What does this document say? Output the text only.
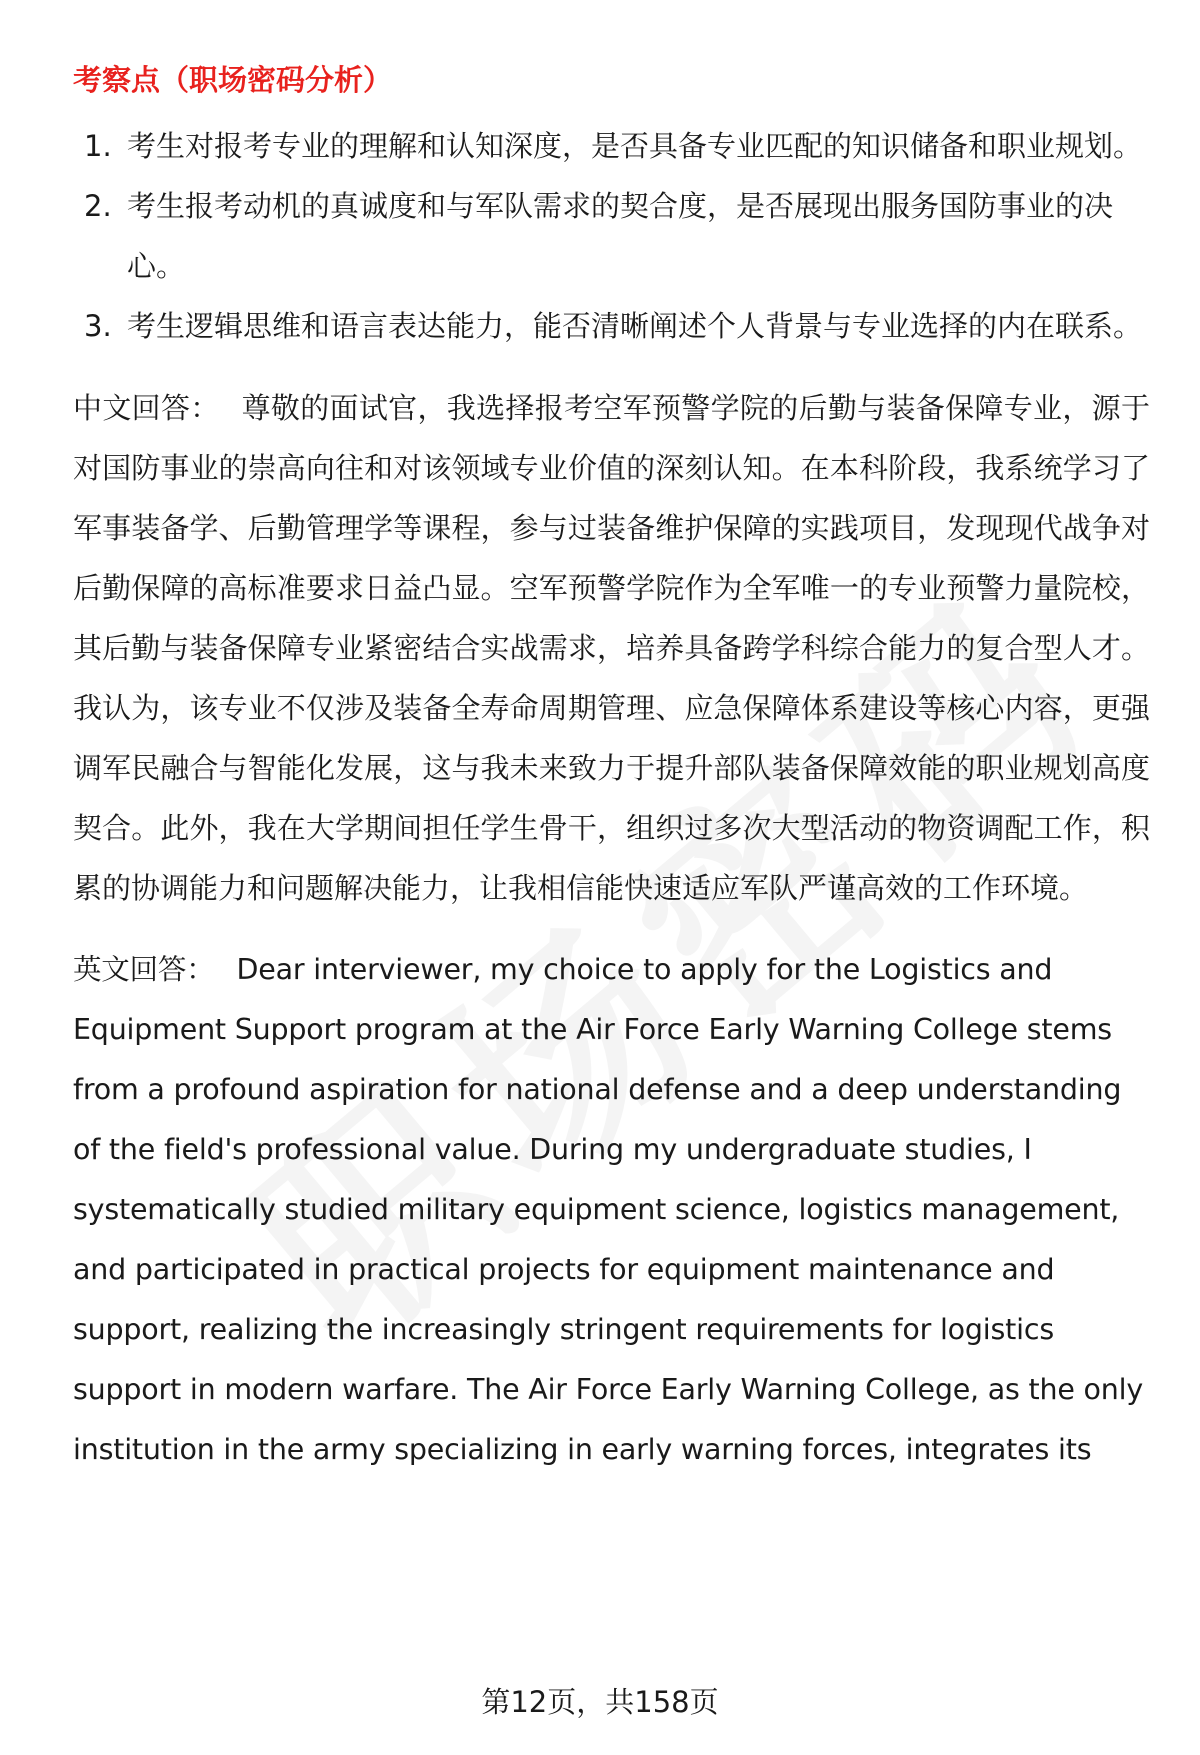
考察点（职场密码分析）
1. 考生对报考专业的理解和认知深度，是否具备专业匹配的知识储备和职业规划。
2. 考生报考动机的真诚度和与军队需求的契合度，是否展现出服务国防事业的决心。
3. 考生逻辑思维和语言表达能力，能否清晰阐述个人背景与专业选择的内在联系。

中文回答： 尊敬的面试官，我选择报考空军预警学院的后勤与装备保障专业，源于对国防事业的崇高向往和对该领域专业价值的深刻认知。在本科阶段，我系统学习了军事装备学、后勤管理学等课程，参与过装备维护保障的实践项目，发现现代战争对后勤保障的高标准要求日益凸显。空军预警学院作为全军唯一的专业预警力量院校，其后勤与装备保障专业紧密结合实战需求，培养具备跨学科综合能力的复合型人才。我认为，该专业不仅涉及装备全寿命周期管理、应急保障体系建设等核心内容，更强调军民融合与智能化发展，这与我未来致力于提升部队装备保障效能的职业规划高度契合。此外，我在大学期间担任学生骨干，组织过多次大型活动的物资调配工作，积累的协调能力和问题解决能力，让我相信能快速适应军队严谨高效的工作环境。

英文回答： Dear interviewer, my choice to apply for the Logistics and Equipment Support program at the Air Force Early Warning College stems from a profound aspiration for national defense and a deep understanding of the field's professional value. During my undergraduate studies, I systematically studied military equipment science, logistics management, and participated in practical projects for equipment maintenance and support, realizing the increasingly stringent requirements for logistics support in modern warfare. The Air Force Early Warning College, as the only institution in the army specializing in early warning forces, integrates its

第12页，共158页
